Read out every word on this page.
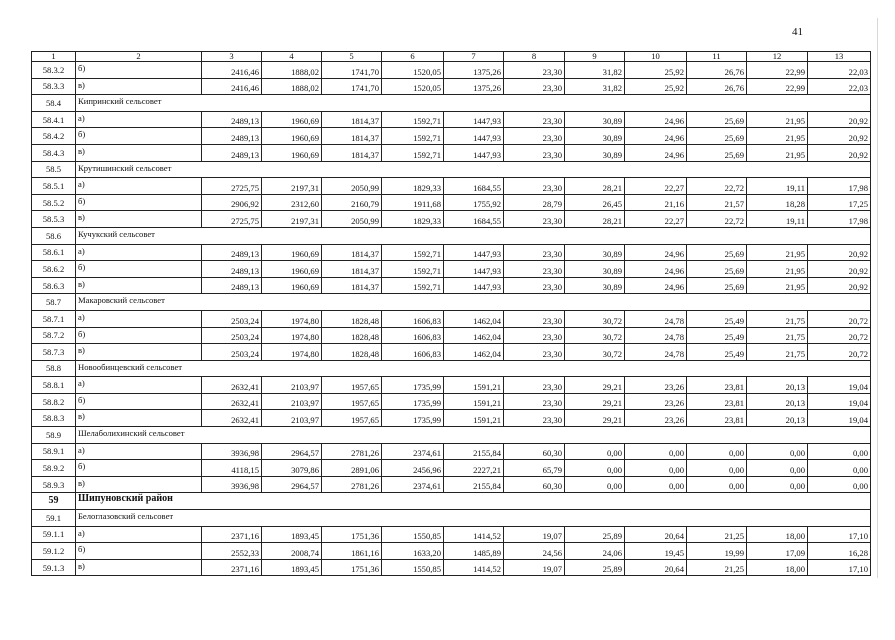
41
1	2	3	4	5	6	7	8	9	10	11	12	13
58.3.2	б)	2416,46	1888,02	1741,70	1520,05	1375,26	23,30	31,82	25,92	26,76	22,99	22,03
58.3.3	в)	2416,46	1888,02	1741,70	1520,05	1375,26	23,30	31,82	25,92	26,76	22,99	22,03
58.4	Кипринский сельсовет											
58.4.1	а)	2489,13	1960,69	1814,37	1592,71	1447,93	23,30	30,89	24,96	25,69	21,95	20,92
58.4.2	б)	2489,13	1960,69	1814,37	1592,71	1447,93	23,30	30,89	24,96	25,69	21,95	20,92
58.4.3	в)	2489,13	1960,69	1814,37	1592,71	1447,93	23,30	30,89	24,96	25,69	21,95	20,92
58.5	Крутишинский сельсовет											
58.5.1	а)	2725,75	2197,31	2050,99	1829,33	1684,55	23,30	28,21	22,27	22,72	19,11	17,98
58.5.2	б)	2906,92	2312,60	2160,79	1911,68	1755,92	28,79	26,45	21,16	21,57	18,28	17,25
58.5.3	в)	2725,75	2197,31	2050,99	1829,33	1684,55	23,30	28,21	22,27	22,72	19,11	17,98
58.6	Кучукский сельсовет											
58.6.1	а)	2489,13	1960,69	1814,37	1592,71	1447,93	23,30	30,89	24,96	25,69	21,95	20,92
58.6.2	б)	2489,13	1960,69	1814,37	1592,71	1447,93	23,30	30,89	24,96	25,69	21,95	20,92
58.6.3	в)	2489,13	1960,69	1814,37	1592,71	1447,93	23,30	30,89	24,96	25,69	21,95	20,92
58.7	Макаровский сельсовет											
58.7.1	а)	2503,24	1974,80	1828,48	1606,83	1462,04	23,30	30,72	24,78	25,49	21,75	20,72
58.7.2	б)	2503,24	1974,80	1828,48	1606,83	1462,04	23,30	30,72	24,78	25,49	21,75	20,72
58.7.3	в)	2503,24	1974,80	1828,48	1606,83	1462,04	23,30	30,72	24,78	25,49	21,75	20,72
58.8	Новообинцевский сельсовет											
58.8.1	а)	2632,41	2103,97	1957,65	1735,99	1591,21	23,30	29,21	23,26	23,81	20,13	19,04
58.8.2	б)	2632,41	2103,97	1957,65	1735,99	1591,21	23,30	29,21	23,26	23,81	20,13	19,04
58.8.3	в)	2632,41	2103,97	1957,65	1735,99	1591,21	23,30	29,21	23,26	23,81	20,13	19,04
58.9	Шелаболихинский сельсовет											
58.9.1	а)	3936,98	2964,57	2781,26	2374,61	2155,84	60,30	0,00	0,00	0,00	0,00	0,00
58.9.2	б)	4118,15	3079,86	2891,06	2456,96	2227,21	65,79	0,00	0,00	0,00	0,00	0,00
58.9.3	в)	3936,98	2964,57	2781,26	2374,61	2155,84	60,30	0,00	0,00	0,00	0,00	0,00
59	Шипуновский район											
59.1	Белоглазовский сельсовет											
59.1.1	а)	2371,16	1893,45	1751,36	1550,85	1414,52	19,07	25,89	20,64	21,25	18,00	17,10
59.1.2	б)	2552,33	2008,74	1861,16	1633,20	1485,89	24,56	24,06	19,45	19,99	17,09	16,28
59.1.3	в)	2371,16	1893,45	1751,36	1550,85	1414,52	19,07	25,89	20,64	21,25	18,00	17,10
